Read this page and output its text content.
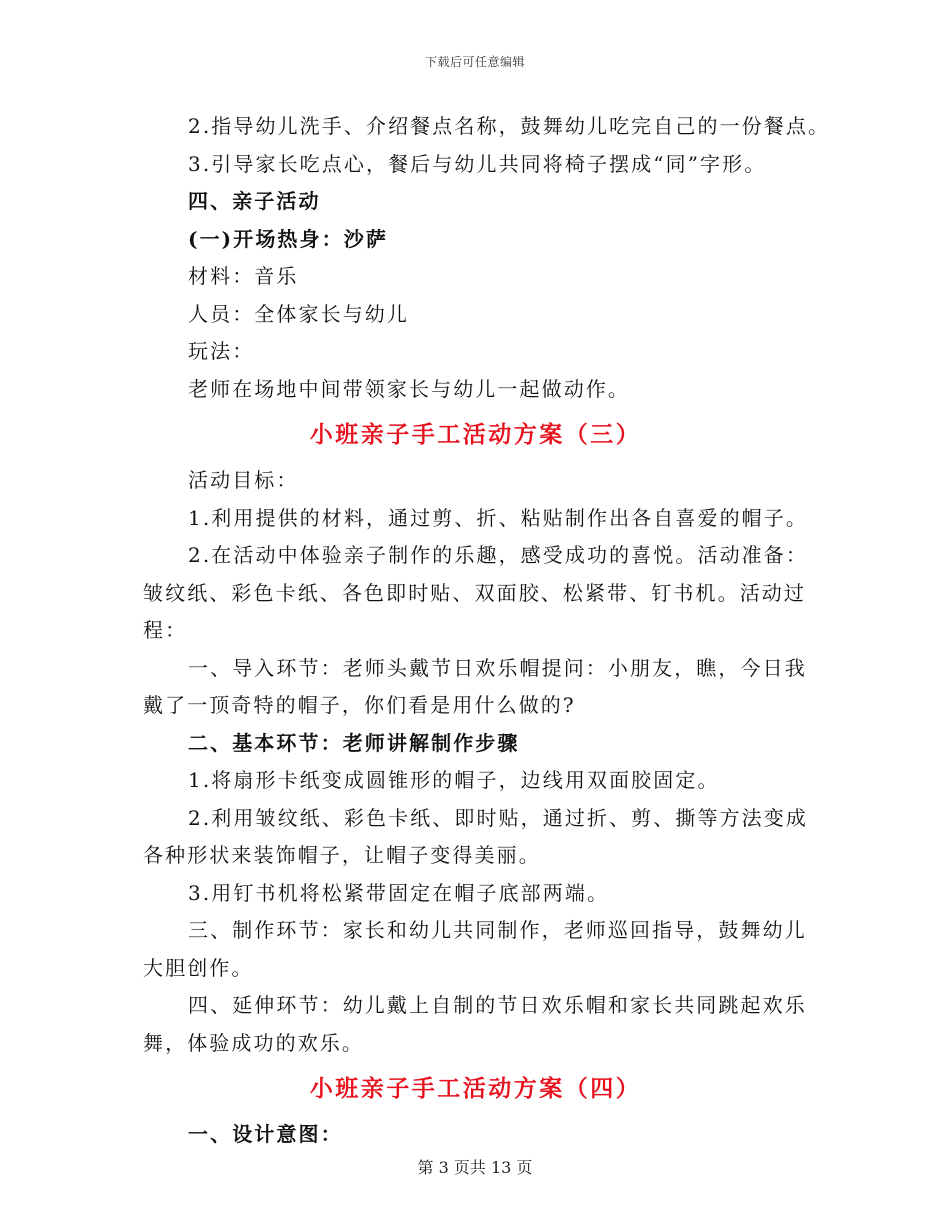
下载后可任意编辑
2.指导幼儿洗手、介绍餐点名称，鼓舞幼儿吃完自己的一份餐点。
3.引导家长吃点心，餐后与幼儿共同将椅子摆成“同”字形。
四、亲子活动
(一)开场热身：沙萨
材料：音乐
人员：全体家长与幼儿
玩法：
老师在场地中间带领家长与幼儿一起做动作。
小班亲子手工活动方案（三）
活动目标：
1.利用提供的材料，通过剪、折、粘贴制作出各自喜爱的帽子。
2.在活动中体验亲子制作的乐趣，感受成功的喜悦。活动准备：
皱纹纸、彩色卡纸、各色即时贴、双面胶、松紧带、钉书机。活动过
程：
一、导入环节：老师头戴节日欢乐帽提问：小朋友，瞧，今日我
戴了一顶奇特的帽子，你们看是用什么做的?
二、基本环节：老师讲解制作步骤
1.将扇形卡纸变成圆锥形的帽子，边线用双面胶固定。
2.利用皱纹纸、彩色卡纸、即时贴，通过折、剪、撕等方法变成
各种形状来装饰帽子，让帽子变得美丽。
3.用钉书机将松紧带固定在帽子底部两端。
三、制作环节：家长和幼儿共同制作，老师巡回指导，鼓舞幼儿
大胆创作。
四、延伸环节：幼儿戴上自制的节日欢乐帽和家长共同跳起欢乐
舞，体验成功的欢乐。
小班亲子手工活动方案（四）
一、设计意图：
第 3 页共 13 页
